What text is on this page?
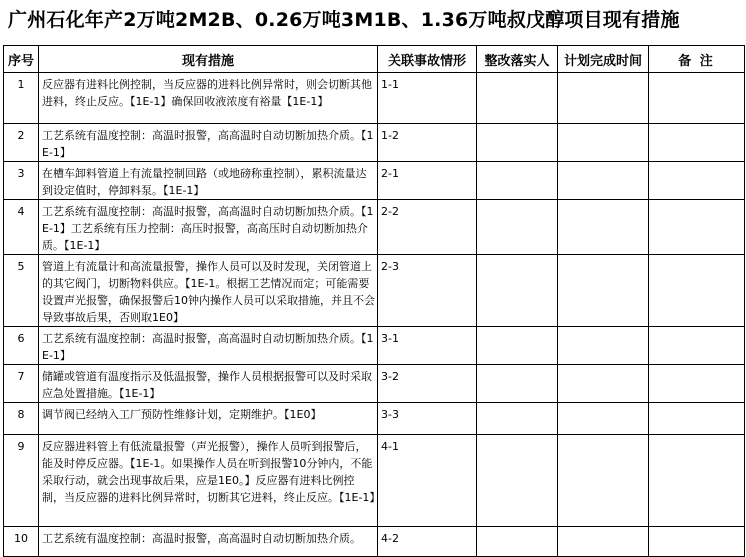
广州石化年产2万吨2M2B、0.26万吨3M1B、1.36万吨叔戊醇项目现有措施
序号	现有措施	关联事故情形	整改落实人	计划完成时间	备 注
1	反应器有进料比例控制，当反应器的进料比例异常时，则会切断其他进料，终止反应。【1E-1】确保回收液浓度有裕量【1E-1】	1-1			
2	工艺系统有温度控制：高温时报警，高高温时自动切断加热介质。【1E-1】	1-2			
3	在槽车卸料管道上有流量控制回路（或地磅称重控制），累积流量达到设定值时，停卸料泵。【1E-1】	2-1			
4	工艺系统有温度控制：高温时报警，高高温时自动切断加热介质。【1E-1】工艺系统有压力控制：高压时报警，高高压时自动切断加热介质。【1E-1】	2-2			
5	管道上有流量计和高流量报警，操作人员可以及时发现，关闭管道上的其它阀门，切断物料供应。【1E-1。根据工艺情况而定；可能需要设置声光报警，确保报警后10钟内操作人员可以采取措施，并且不会导致事故后果，否则取1E0】	2-3			
6	工艺系统有温度控制：高温时报警，高高温时自动切断加热介质。【1E-1】	3-1			
7	储罐或管道有温度指示及低温报警，操作人员根据报警可以及时采取应急处置措施。【1E-1】	3-2			
8	调节阀已经纳入工厂预防性维修计划，定期维护。【1E0】	3-3			
9	反应器进料管上有低流量报警（声光报警），操作人员听到报警后，能及时停反应器。【1E-1。如果操作人员在听到报警10分钟内，不能采取行动，就会出现事故后果，应是1E0。】反应器有进料比例控制，当反应器的进料比例异常时，切断其它进料，终止反应。【1E-1】	4-1			
10	工艺系统有温度控制：高温时报警，高高温时自动切断加热介质。	4-2			
